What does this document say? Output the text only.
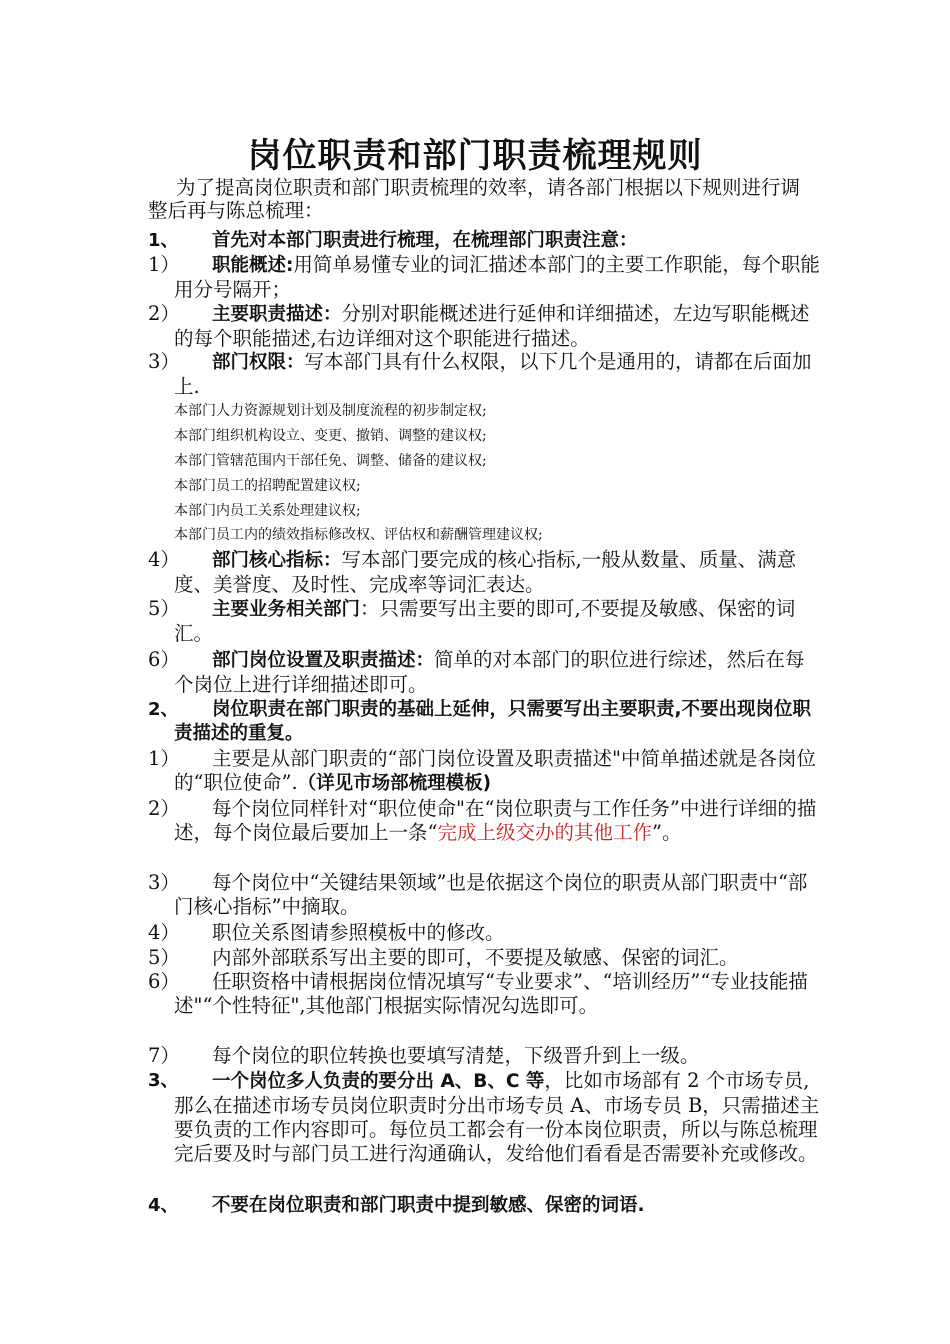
岗位职责和部门职责梳理规则
为了提高岗位职责和部门职责梳理的效率，请各部门根据以下规则进行调整后再与陈总梳理：
1、	首先对本部门职责进行梳理，在梳理部门职责注意：
1）	职能概述:用简单易懂专业的词汇描述本部门的主要工作职能，每个职能用分号隔开；
2）	主要职责描述：分别对职能概述进行延伸和详细描述，左边写职能概述的每个职能描述,右边详细对这个职能进行描述。
3）	部门权限：写本部门具有什么权限，以下几个是通用的，请都在后面加上.
本部门人力资源规划计划及制度流程的初步制定权;
本部门组织机构设立、变更、撤销、调整的建议权;
本部门管辖范围内干部任免、调整、储备的建议权;
本部门员工的招聘配置建议权;
本部门内员工关系处理建议权;
本部门员工内的绩效指标修改权、评估权和薪酬管理建议权;
4）	部门核心指标：写本部门要完成的核心指标,一般从数量、质量、满意度、美誉度、及时性、完成率等词汇表达。
5）	主要业务相关部门：只需要写出主要的即可,不要提及敏感、保密的词汇。
6）	部门岗位设置及职责描述：简单的对本部门的职位进行综述，然后在每个岗位上进行详细描述即可。
2、	岗位职责在部门职责的基础上延伸，只需要写出主要职责,不要出现岗位职责描述的重复。
1）	主要是从部门职责的“部门岗位设置及职责描述"中简单描述就是各岗位的“职位使命”.（详见市场部梳理模板)
2）	每个岗位同样针对“职位使命"在“岗位职责与工作任务”中进行详细的描述，每个岗位最后要加上一条“完成上级交办的其他工作”。
3）	每个岗位中“关键结果领域”也是依据这个岗位的职责从部门职责中“部门核心指标”中摘取。
4）	职位关系图请参照模板中的修改。
5）	内部外部联系写出主要的即可，不要提及敏感、保密的词汇。
6）	任职资格中请根据岗位情况填写“专业要求”、“培训经历”“专业技能描述"“个性特征",其他部门根据实际情况勾选即可。
7）	每个岗位的职位转换也要填写清楚，下级晋升到上一级。
3、	一个岗位多人负责的要分出 A、B、C 等，比如市场部有 2 个市场专员,那么在描述市场专员岗位职责时分出市场专员 A、市场专员 B，只需描述主要负责的工作内容即可。每位员工都会有一份本岗位职责，所以与陈总梳理完后要及时与部门员工进行沟通确认，发给他们看看是否需要补充或修改。
4、	不要在岗位职责和部门职责中提到敏感、保密的词语.
